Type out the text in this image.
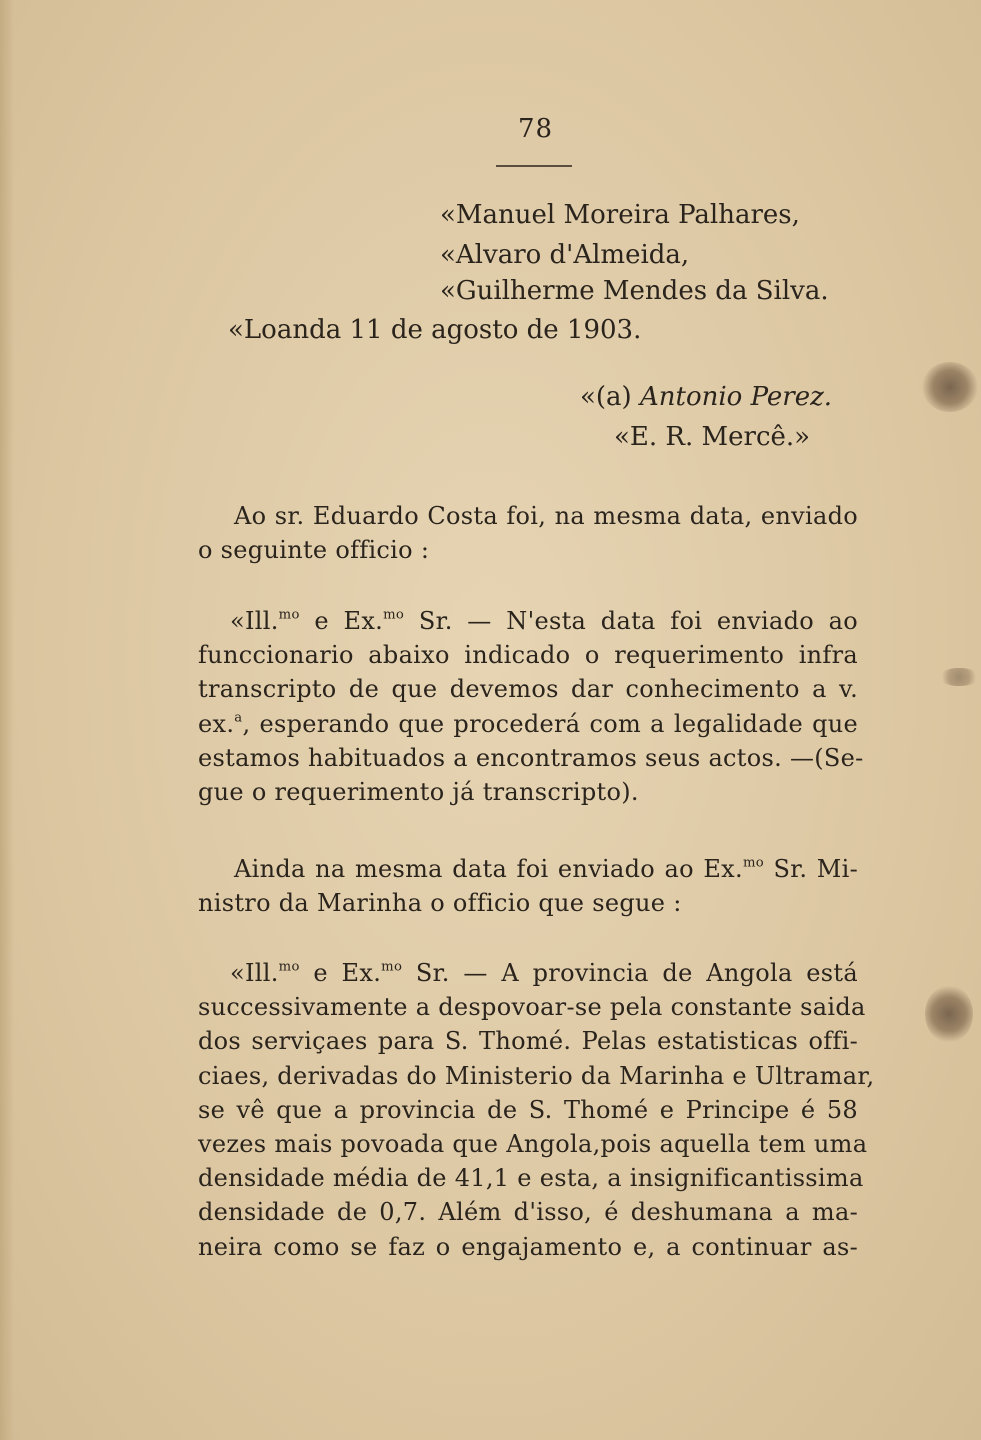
78
«Manuel Moreira Palhares,
«Alvaro d'Almeida,
«Guilherme Mendes da Silva.
«Loanda 11 de agosto de 1903.
«(a) Antonio Perez.
«E. R. Mercê.»
Ao sr. Eduardo Costa foi, na mesma data, enviado
o seguinte officio :
«Ill.$^{mo}$ e Ex.$^{mo}$ Sr. — N'esta data foi enviado ao
funccionario abaixo indicado o requerimento infra
transcripto de que devemos dar conhecimento a v.
ex.$^a$, esperando que procederá com a legalidade que
estamos habituados a encontramos seus actos. —(Se-
gue o requerimento já transcripto).
Ainda na mesma data foi enviado ao Ex.$^{mo}$ Sr. Mi-
nistro da Marinha o officio que segue :
«Ill.$^{mo}$ e Ex.$^{mo}$ Sr. — A provincia de Angola está
successivamente a despovoar-se pela constante saida
dos serviçaes para S. Thomé. Pelas estatisticas offi-
ciaes, derivadas do Ministerio da Marinha e Ultramar,
se vê que a provincia de S. Thomé e Principe é 58
vezes mais povoada que Angola,pois aquella tem uma
densidade média de 41,1 e esta, a insignificantissima
densidade de 0,7. Além d'isso, é deshumana a ma-
neira como se faz o engajamento e, a continuar as-
